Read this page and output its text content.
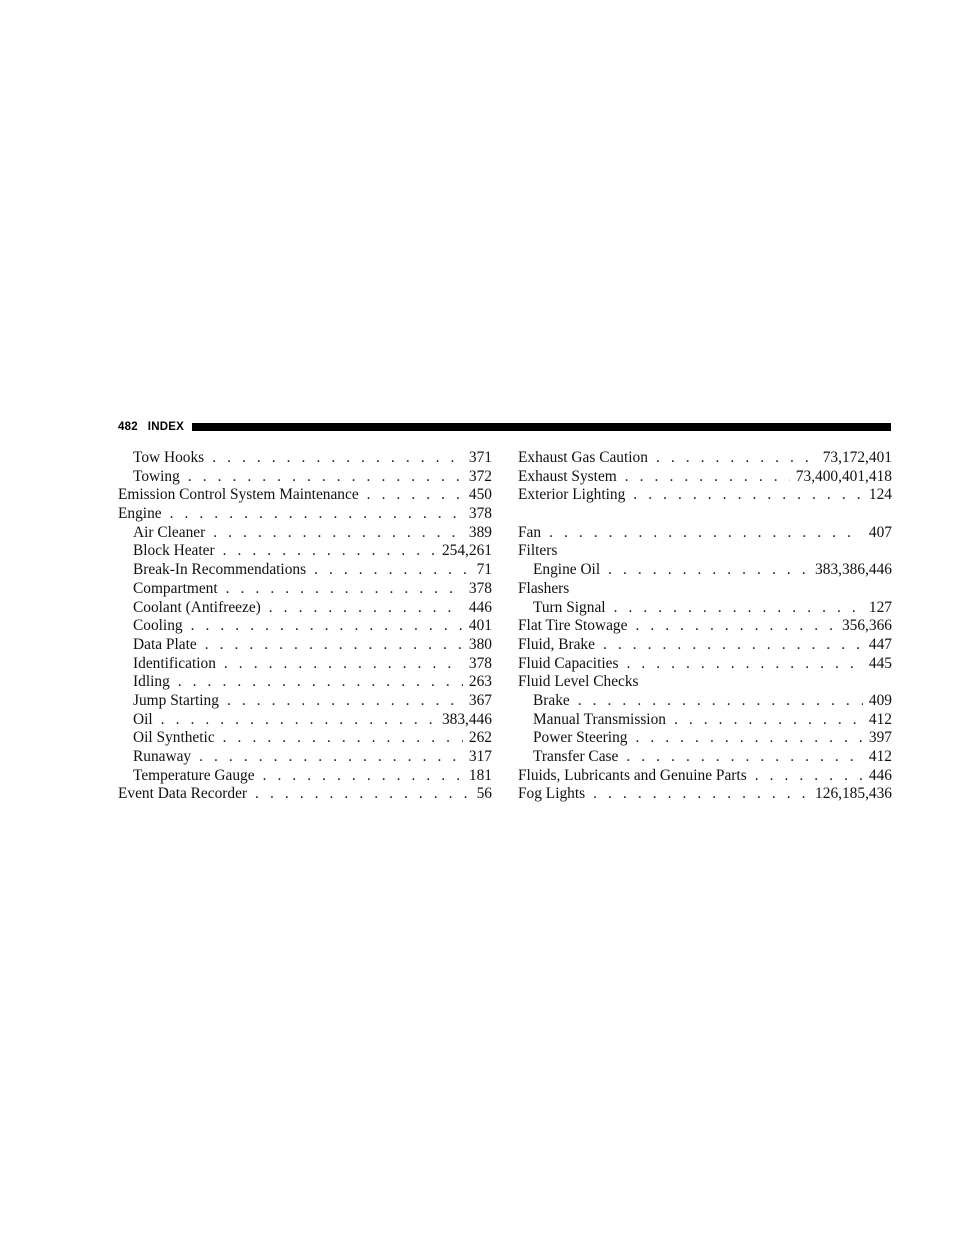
482 INDEX
Tow Hooks . . .	371
Towing . . .	372
Emission Control System Maintenance . . .	450
Engine . . .	378
Air Cleaner . . .	389
Block Heater . . .	254,261
Break-In Recommendations . . .	71
Compartment . . .	378
Coolant (Antifreeze) . . .	446
Cooling . . .	401
Data Plate . . .	380
Identification . . .	378
Idling . . .	263
Jump Starting . . .	367
Oil . . .	383,446
Oil Synthetic . . .	262
Runaway . . .	317
Temperature Gauge . . .	181
Event Data Recorder . . .	56
Exhaust Gas Caution . . .	73,172,401
Exhaust System . . .	73,400,401,418
Exterior Lighting . . .	124
Fan . . .	407
Filters
Engine Oil . . .	383,386,446
Flashers
Turn Signal . . .	127
Flat Tire Stowage . . .	356,366
Fluid, Brake . . .	447
Fluid Capacities . . .	445
Fluid Level Checks
Brake . . .	409
Manual Transmission . . .	412
Power Steering . . .	397
Transfer Case . . .	412
Fluids, Lubricants and Genuine Parts . . .	446
Fog Lights . . .	126,185,436
